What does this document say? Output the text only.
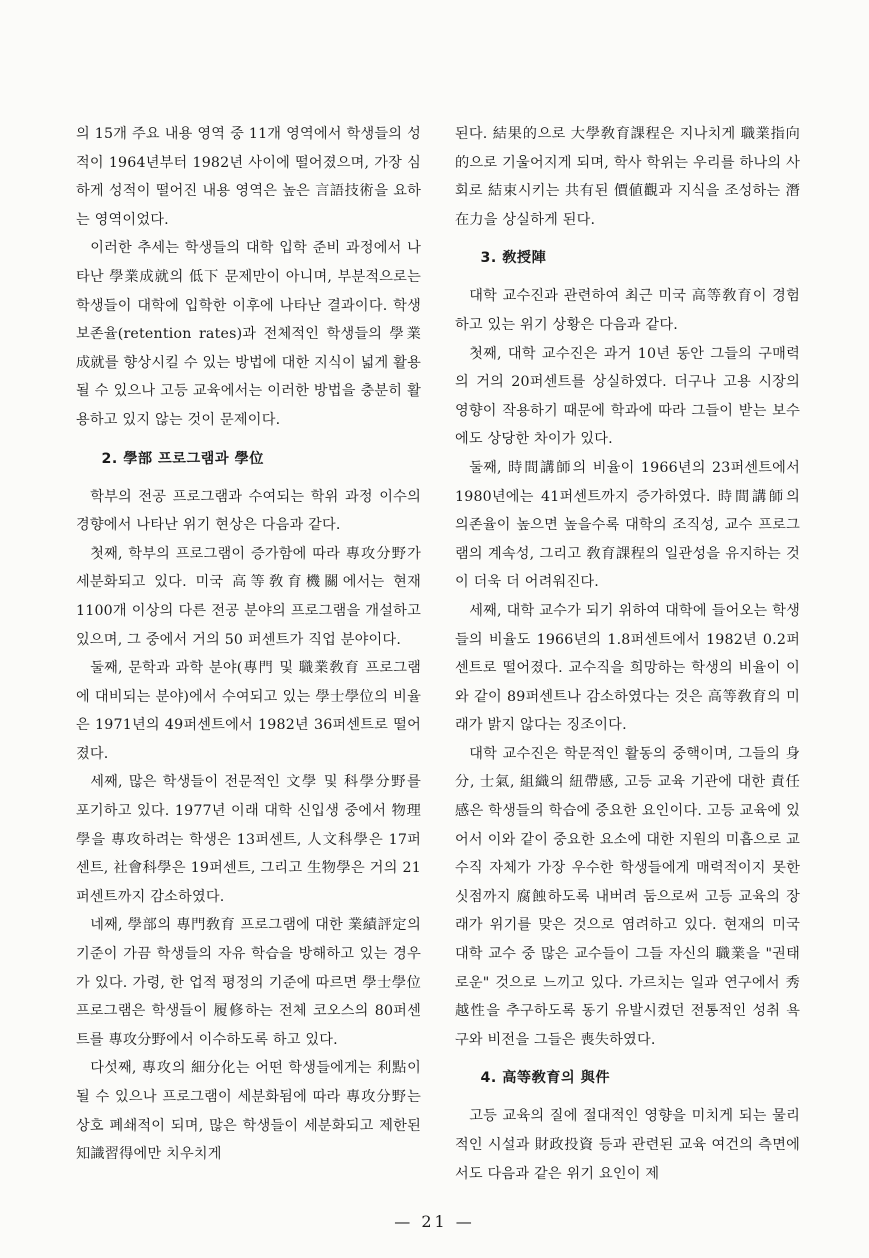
의 15개 주요 내용 영역 중 11개 영역에서 학생들의 성적이 1964년부터 1982년 사이에 떨어졌으며, 가장 심하게 성적이 떨어진 내용 영역은 높은 言語技術을 요하는 영역이었다.

이러한 추세는 학생들의 대학 입학 준비 과정에서 나타난 學業成就의 低下 문제만이 아니며, 부분적으로는 학생들이 대학에 입학한 이후에 나타난 결과이다. 학생 보존율(retention rates)과 전체적인 학생들의 學業成就를 향상시킬 수 있는 방법에 대한 지식이 넓게 활용될 수 있으나 고등 교육에서는 이러한 방법을 충분히 활용하고 있지 않는 것이 문제이다.

2. 學部 프로그램과 學位

학부의 전공 프로그램과 수여되는 학위 과정 이수의 경향에서 나타난 위기 현상은 다음과 같다.

첫째, 학부의 프로그램이 증가함에 따라 專攻分野가 세분화되고 있다. 미국 高等敎育機關에서는 현재 1100개 이상의 다른 전공 분야의 프로그램을 개설하고 있으며, 그 중에서 거의 50 퍼센트가 직업 분야이다.

둘째, 문학과 과학 분야(專門 및 職業敎育 프로그램에 대비되는 분야)에서 수여되고 있는 學士學位의 비율은 1971년의 49퍼센트에서 1982년 36퍼센트로 떨어졌다.

세째, 많은 학생들이 전문적인 文學 및 科學分野를 포기하고 있다. 1977년 이래 대학 신입생 중에서 物理學을 專攻하려는 학생은 13퍼센트, 人文科學은 17퍼센트, 社會科學은 19퍼센트, 그리고 生物學은 거의 21퍼센트까지 감소하였다.

네째, 學部의 專門敎育 프로그램에 대한 業績評定의 기준이 가끔 학생들의 자유 학습을 방해하고 있는 경우가 있다. 가령, 한 업적 평정의 기준에 따르면 學士學位 프로그램은 학생들이 履修하는 전체 코오스의 80퍼센트를 專攻分野에서 이수하도록 하고 있다.

다섯째, 專攻의 細分化는 어떤 학생들에게는 利點이 될 수 있으나 프로그램이 세분화됨에 따라 專攻分野는 상호 폐쇄적이 되며, 많은 학생들이 세분화되고 제한된 知識習得에만 치우치게

된다. 結果的으로 大學敎育課程은 지나치게 職業指向的으로 기울어지게 되며, 학사 학위는 우리를 하나의 사회로 結束시키는 共有된 價値觀과 지식을 조성하는 潛在力을 상실하게 된다.

3. 敎授陣

대학 교수진과 관련하여 최근 미국 高等敎育이 경험하고 있는 위기 상황은 다음과 같다.

첫째, 대학 교수진은 과거 10년 동안 그들의 구매력의 거의 20퍼센트를 상실하였다. 더구나 고용 시장의 영향이 작용하기 때문에 학과에 따라 그들이 받는 보수에도 상당한 차이가 있다.

둘째, 時間講師의 비율이 1966년의 23퍼센트에서 1980년에는 41퍼센트까지 증가하였다. 時間講師의 의존율이 높으면 높을수록 대학의 조직성, 교수 프로그램의 계속성, 그리고 敎育課程의 일관성을 유지하는 것이 더욱 더 어려워진다.

세째, 대학 교수가 되기 위하여 대학에 들어오는 학생들의 비율도 1966년의 1.8퍼센트에서 1982년 0.2퍼센트로 떨어졌다. 교수직을 희망하는 학생의 비율이 이와 같이 89퍼센트나 감소하였다는 것은 高等敎育의 미래가 밝지 않다는 징조이다.

대학 교수진은 학문적인 활동의 중핵이며, 그들의 身分, 士氣, 組織의 紐帶感, 고등 교육 기관에 대한 責任感은 학생들의 학습에 중요한 요인이다. 고등 교육에 있어서 이와 같이 중요한 요소에 대한 지원의 미흡으로 교수직 자체가 가장 우수한 학생들에게 매력적이지 못한 싯점까지 腐蝕하도록 내버려 둠으로써 고등 교육의 장래가 위기를 맞은 것으로 염려하고 있다. 현재의 미국 대학 교수 중 많은 교수들이 그들 자신의 職業을 "권태로운" 것으로 느끼고 있다. 가르치는 일과 연구에서 秀越性을 추구하도록 동기 유발시켰던 전통적인 성취 욕구와 비전을 그들은 喪失하였다.

4. 高等敎育의 與件

고등 교육의 질에 절대적인 영향을 미치게 되는 물리적인 시설과 財政投資 등과 관련된 교육 여건의 측면에서도 다음과 같은 위기 요인이 제

— 21 —
